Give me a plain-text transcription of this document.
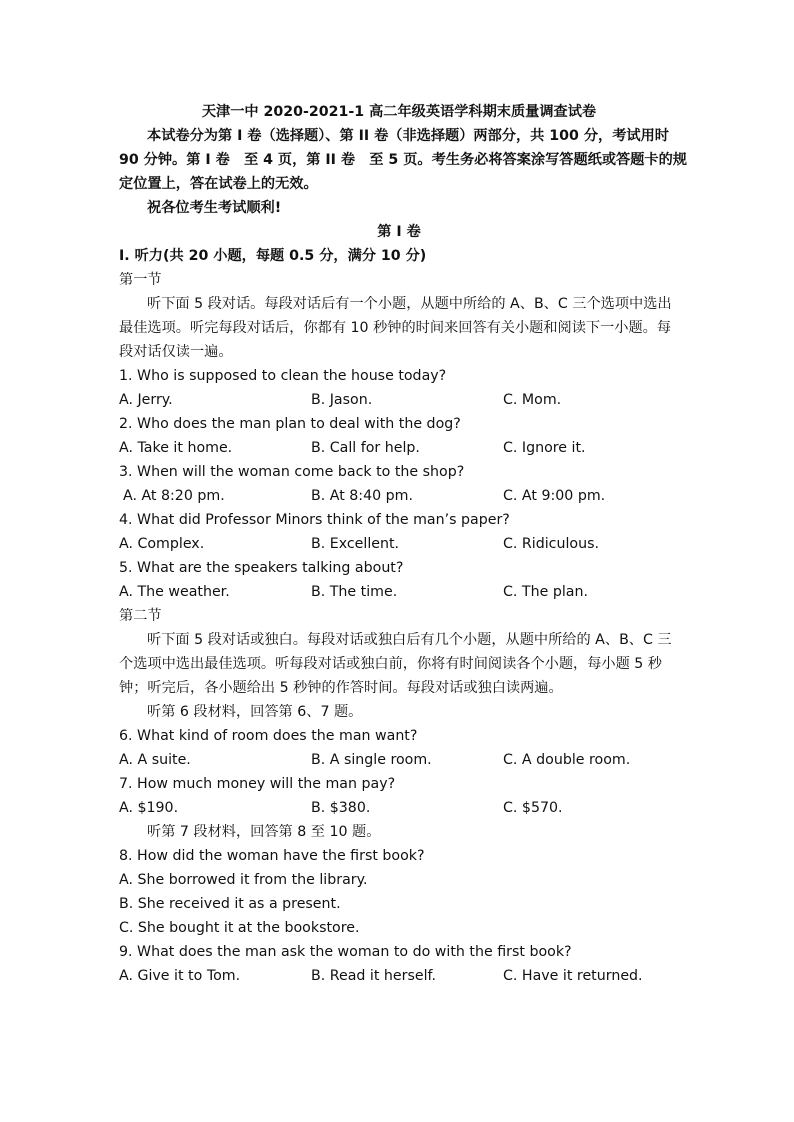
天津一中 2020-2021-1 高二年级英语学科期末质量调查试卷
本试卷分为第 I 卷（选择题）、第 II 卷（非选择题）两部分，共 100 分，考试用时
90 分钟。第 I 卷　至 4 页，第 II 卷　至 5 页。考生务必将答案涂写答题纸或答题卡的规
定位置上，答在试卷上的无效。
祝各位考生考试顺利!
第 I 卷
I. 听力(共 20 小题，每题 0.5 分，满分 10 分)
第一节
听下面 5 段对话。每段对话后有一个小题，从题中所给的 A、B、C 三个选项中选出
最佳选项。听完每段对话后，你都有 10 秒钟的时间来回答有关小题和阅读下一小题。每
段对话仅读一遍。
1. Who is supposed to clean the house today?
A. Jerry.	B. Jason.	C. Mom.
2. Who does the man plan to deal with the dog?
A. Take it home.	B. Call for help.	C. Ignore it.
3. When will the woman come back to the shop?
A. At 8:20 pm.	B. At 8:40 pm.	C. At 9:00 pm.
4. What did Professor Minors think of the man’s paper?
A. Complex.	B. Excellent.	C. Ridiculous.
5. What are the speakers talking about?
A. The weather.	B. The time.	C. The plan.
第二节
听下面 5 段对话或独白。每段对话或独白后有几个小题，从题中所给的 A、B、C 三
个选项中选出最佳选项。听每段对话或独白前，你将有时间阅读各个小题，每小题 5 秒
钟；听完后，各小题给出 5 秒钟的作答时间。每段对话或独白读两遍。
听第 6 段材料，回答第 6、7 题。
6. What kind of room does the man want?
A. A suite.	B. A single room.	C. A double room.
7. How much money will the man pay?
A. $190.	B. $380.	C. $570.
听第 7 段材料，回答第 8 至 10 题。
8. How did the woman have the first book?
A. She borrowed it from the library.
B. She received it as a present.
C. She bought it at the bookstore.
9. What does the man ask the woman to do with the first book?
A. Give it to Tom.	B. Read it herself.	C. Have it returned.
